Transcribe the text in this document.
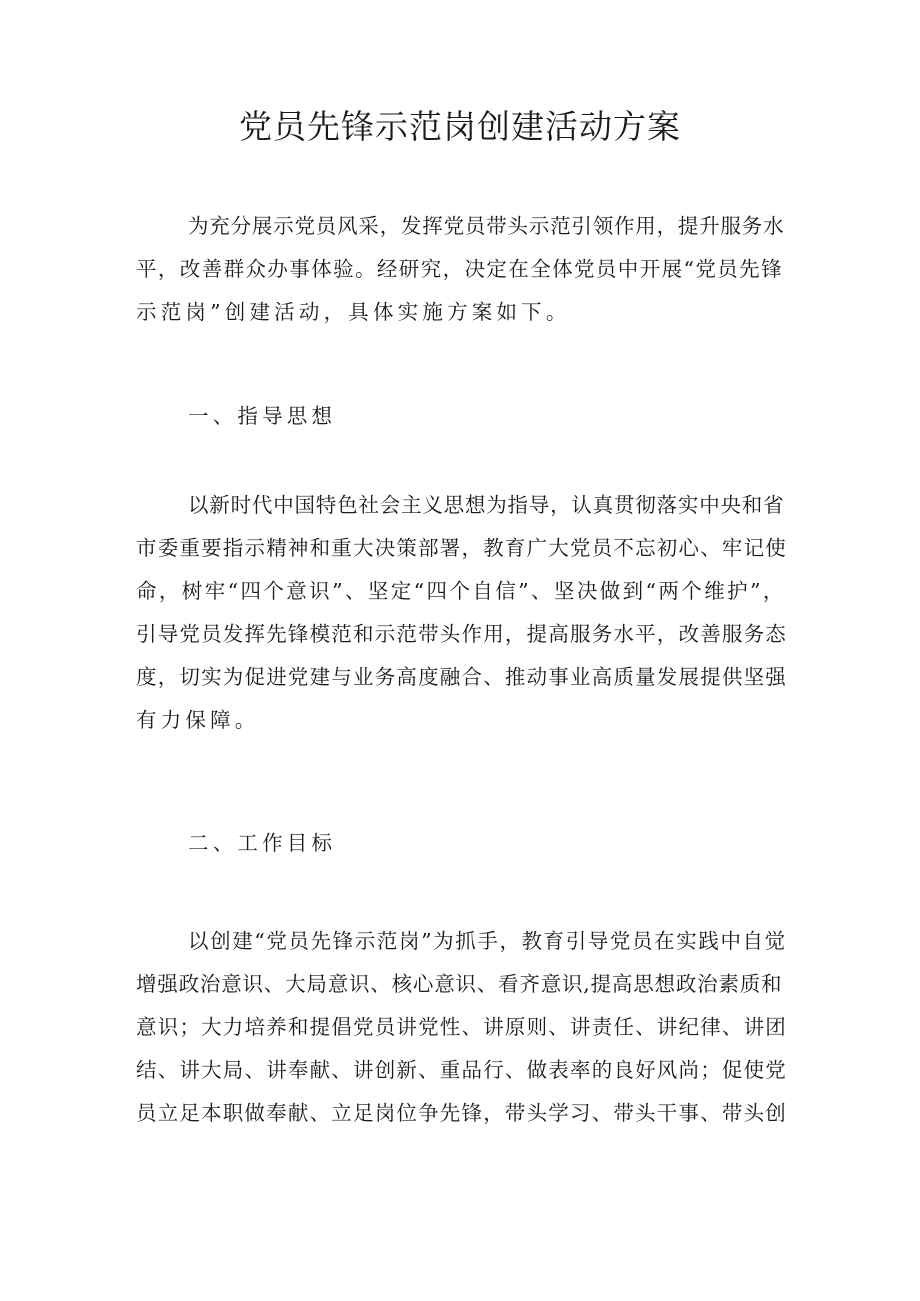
党员先锋示范岗创建活动方案
为充分展示党员风采，发挥党员带头示范引领作用，提升服务水
平，改善群众办事体验。经研究，决定在全体党员中开展“党员先锋
示范岗”创建活动，具体实施方案如下。
一、指导思想
以新时代中国特色社会主义思想为指导，认真贯彻落实中央和省
市委重要指示精神和重大决策部署，教育广大党员不忘初心、牢记使
命，树牢“四个意识”、坚定“四个自信”、坚决做到“两个维护”，
引导党员发挥先锋模范和示范带头作用，提高服务水平，改善服务态
度，切实为促进党建与业务高度融合、推动事业高质量发展提供坚强
有力保障。
二、工作目标
以创建“党员先锋示范岗”为抓手，教育引导党员在实践中自觉
增强政治意识、大局意识、核心意识、看齐意识,提高思想政治素质和
意识；大力培养和提倡党员讲党性、讲原则、讲责任、讲纪律、讲团
结、讲大局、讲奉献、讲创新、重品行、做表率的良好风尚；促使党
员立足本职做奉献、立足岗位争先锋，带头学习、带头干事、带头创
